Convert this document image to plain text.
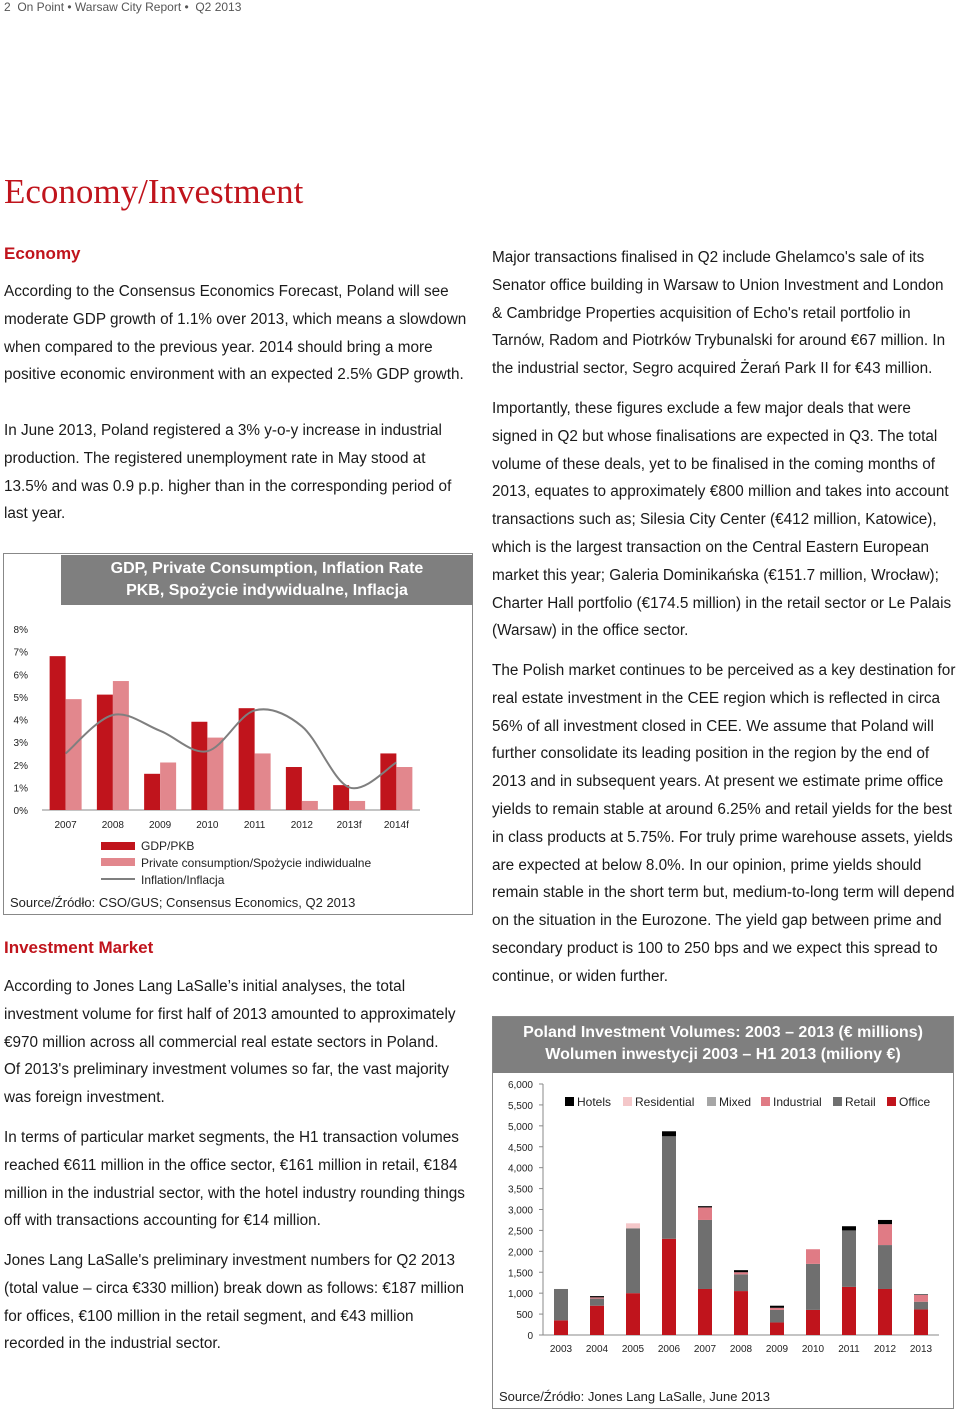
2  On Point • Warsaw City Report •  Q2 2013
Economy/Investment
Economy
According to the Consensus Economics Forecast, Poland will see
moderate GDP growth of 1.1% over 2013, which means a slowdown
when compared to the previous year. 2014 should bring a more
positive economic environment with an expected 2.5% GDP growth.
In June 2013, Poland registered a 3% y-o-y increase in industrial
production. The registered unemployment rate in May stood at
13.5% and was 0.9 p.p. higher than in the corresponding period of
last year.
GDP, Private Consumption, Inflation Rate
PKB, Spożycie indywidualne, Inflacja
0%
1%
2%
3%
4%
5%
6%
7%
8%
2007	2008	2009	2010	2011	2012 2013f 2014f
GDP/PKB
Private consumption/Spożycie indiwidualne
Inflation/Inflacja
Source/Źródło: CSO/GUS; Consensus Economics, Q2 2013
Investment Market
According to Jones Lang LaSalle’s initial analyses, the total
investment volume for first half of 2013 amounted to approximately
€970 million across all commercial real estate sectors in Poland.
Of 2013's preliminary investment volumes so far, the vast majority
was foreign investment.
In terms of particular market segments, the H1 transaction volumes
reached €611 million in the office sector, €161 million in retail, €184
million in the industrial sector, with the hotel industry rounding things
off with transactions accounting for €14 million.
Jones Lang LaSalle's preliminary investment numbers for Q2 2013
(total value – circa €330 million) break down as follows: €187 million
for offices, €100 million in the retail segment, and €43 million
recorded in the industrial sector.
Major transactions finalised in Q2 include Ghelamco's sale of its
Senator office building in Warsaw to Union Investment and London
& Cambridge Properties acquisition of Echo's retail portfolio in
Tarnów, Radom and Piotrków Trybunalski for around €67 million. In
the industrial sector, Segro acquired Żerań Park II for €43 million.
Importantly, these figures exclude a few major deals that were
signed in Q2 but whose finalisations are expected in Q3. The total
volume of these deals, yet to be finalised in the coming months of
2013, equates to approximately €800 million and takes into account
transactions such as; Silesia City Center (€412 million, Katowice),
which is the largest transaction on the Central Eastern European
market this year; Galeria Dominikańska (€151.7 million, Wrocław);
Charter Hall portfolio (€174.5 million) in the retail sector or Le Palais
(Warsaw) in the office sector.
The Polish market continues to be perceived as a key destination for
real estate investment in the CEE region which is reflected in circa
56% of all investment closed in CEE. We assume that Poland will
further consolidate its leading position in the region by the end of
2013 and in subsequent years. At present we estimate prime office
yields to remain stable at around 6.25% and retail yields for the best
in class products at 5.75%. For truly prime warehouse assets, yields
are expected at below 8.0%. In our opinion, prime yields should
remain stable in the short term but, medium-to-long term will depend
on the situation in the Eurozone. The yield gap between prime and
secondary product is 100 to 250 bps and we expect this spread to
continue, or widen further.
Poland Investment Volumes: 2003 – 2013 (€ millions)
Wolumen inwestycji 2003 – H1 2013 (miliony €)
0
500
1,000
1,500
2,000
2,500
3,000
3,500
4,000
4,500
5,000
5,500
6,000
2003 2004 2005 2006 2007 2008 2009 2010 2011 2012 2013
Hotels Residential Mixed Industrial Retail Office
Source/Źródło: Jones Lang LaSalle, June 2013
